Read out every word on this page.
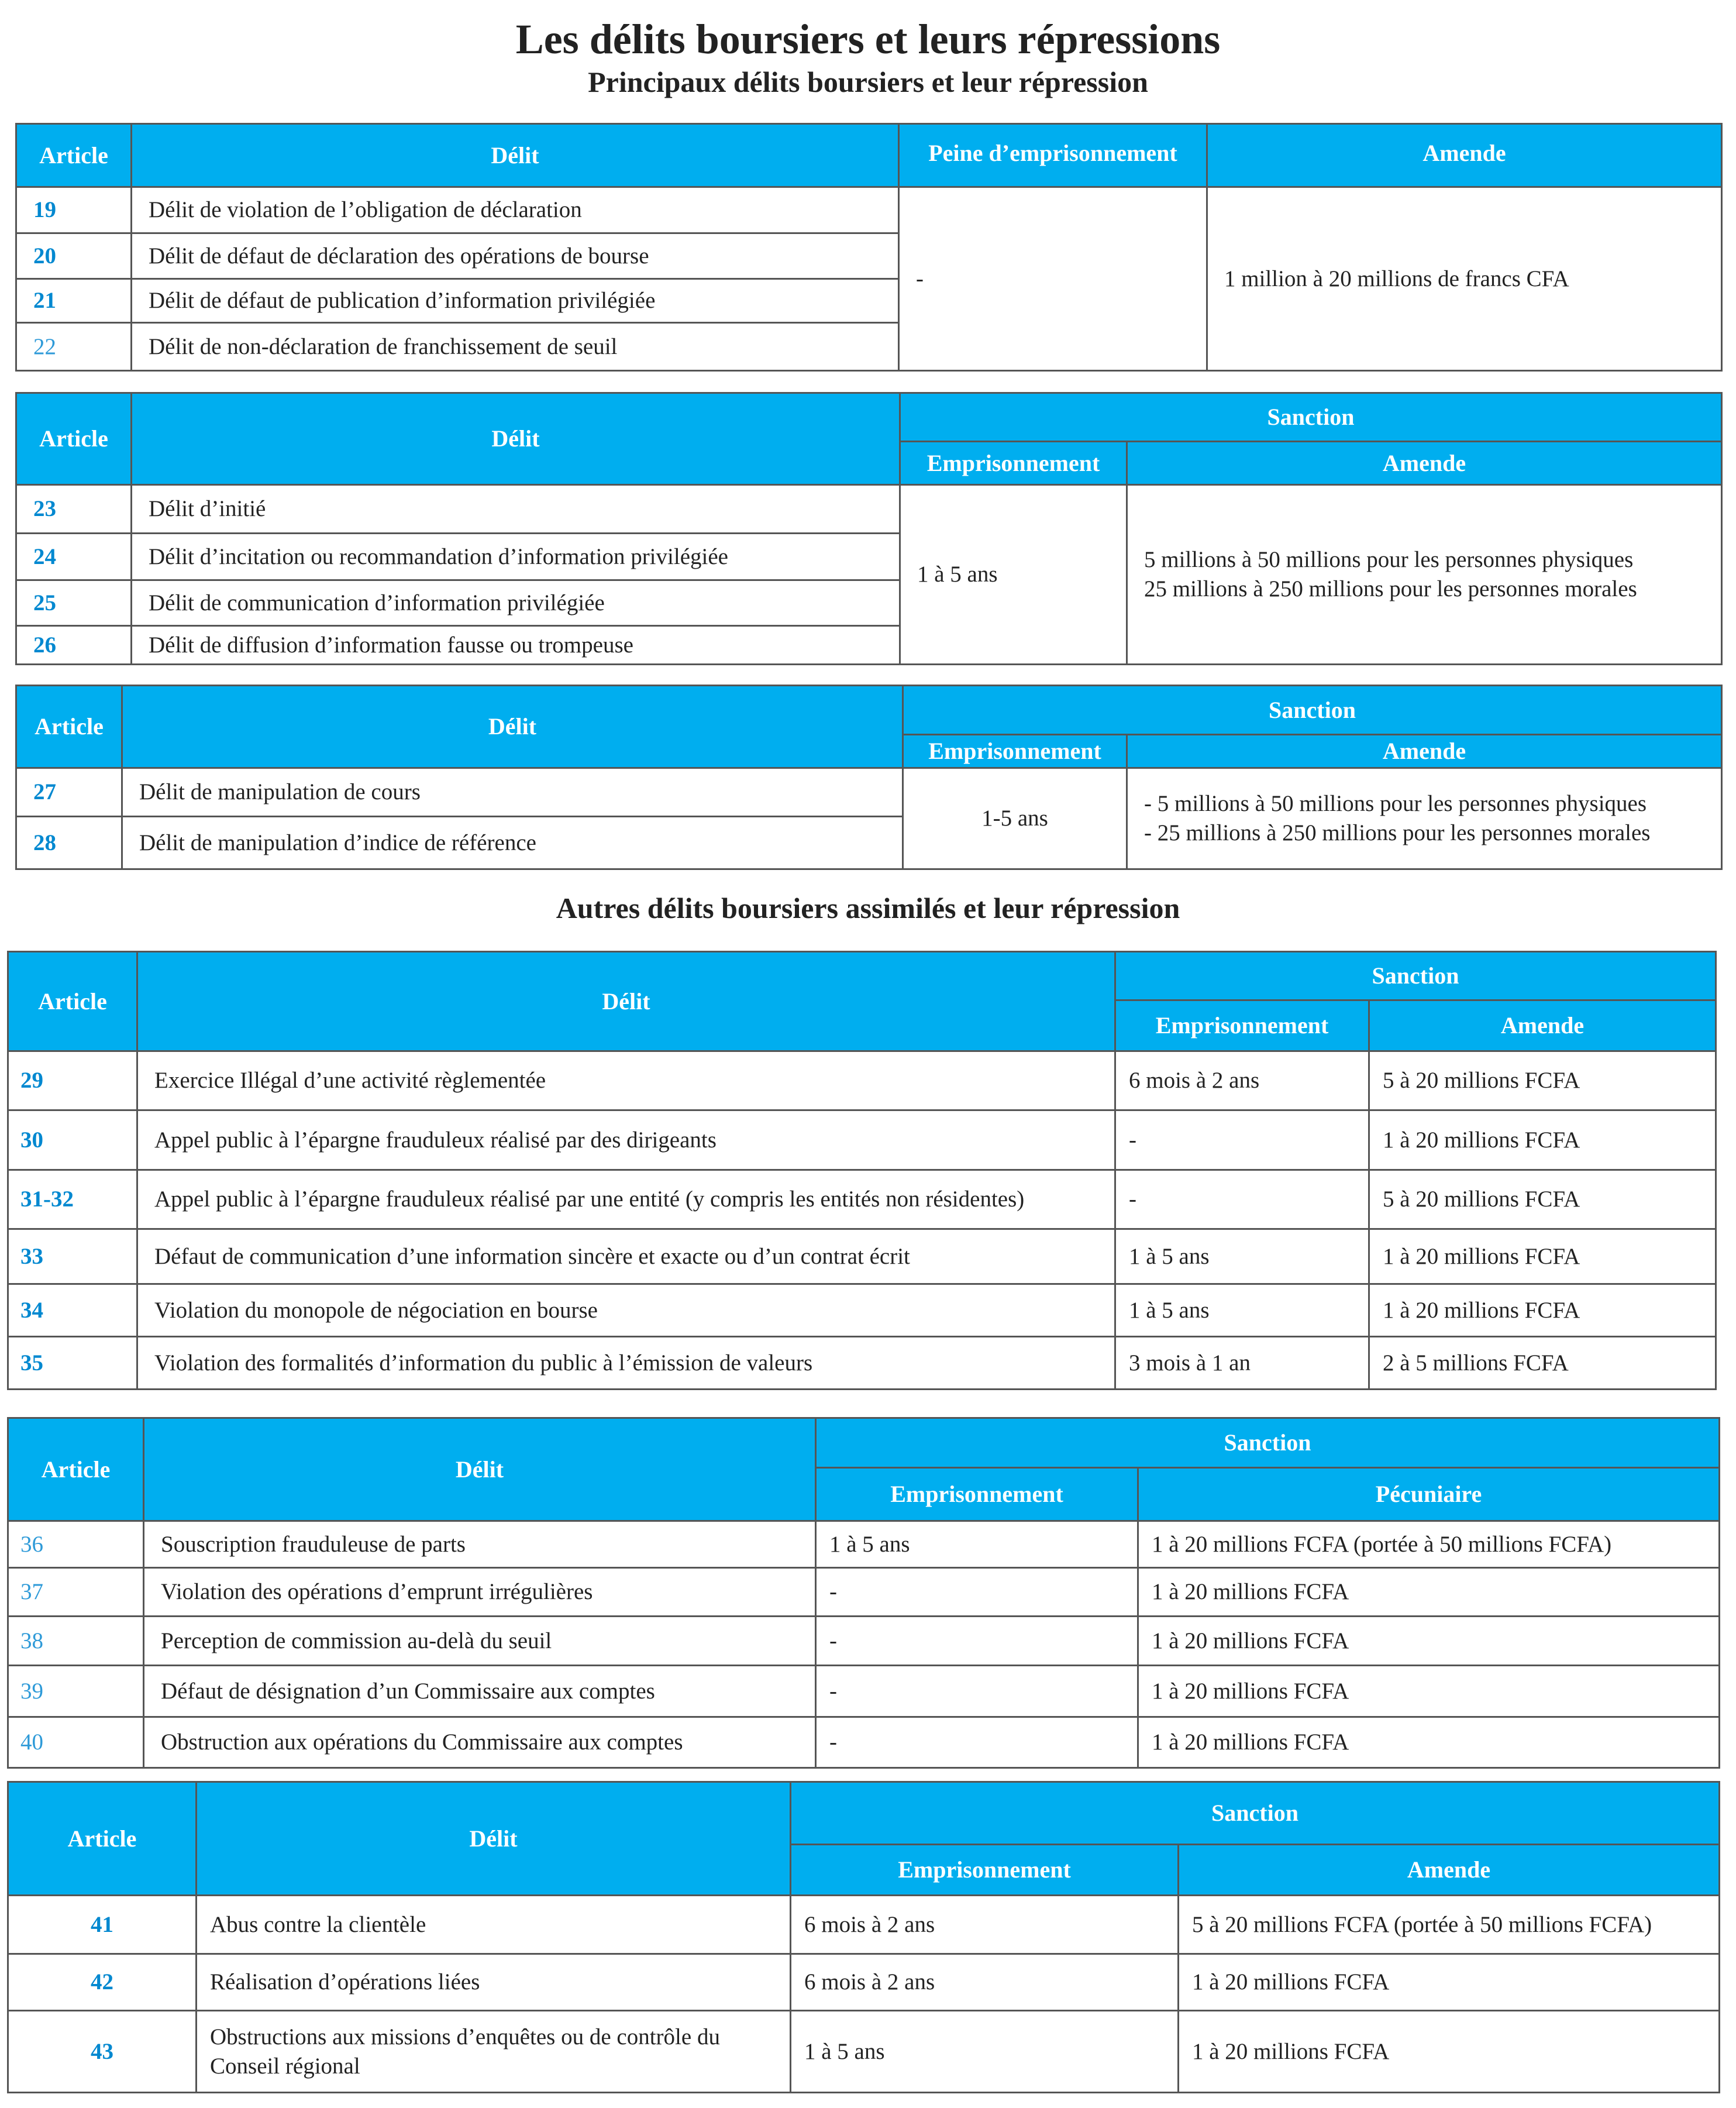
Les délits boursiers et leurs répressions
Principaux délits boursiers et leur répression
Article	Délit	Peine d’emprisonnement	Amende
19	Délit de violation de l’obligation de déclaration	-	1 million à 20 millions de francs CFA
20	Délit de défaut de déclaration des opérations de bourse		
21	Délit de défaut de publication d’information privilégiée		
22	Délit de non-déclaration de franchissement de seuil		
Article	Délit	Sanction	
		Emprisonnement	Amende
23	Délit d’initié	1 à 5 ans	5 millions à 50 millions pour les personnes physiques
25 millions à 250 millions pour les personnes morales

24	Délit d’incitation ou recommandation d’information privilégiée		
25	Délit de communication d’information privilégiée		
26	Délit de diffusion d’information fausse ou trompeuse		
Article	Délit	Sanction	
		Emprisonnement	Amende
27	Délit de manipulation de cours	1-5 ans	- 5 millions à 50 millions pour les personnes physiques
- 25 millions à 250 millions pour les personnes morales

28	Délit de manipulation d’indice de référence		
Autres délits boursiers assimilés et leur répression
Article	Délit	Sanction	
		Emprisonnement	Amende
29	Exercice Illégal d’une activité règlementée	6 mois à 2 ans	5 à 20 millions FCFA
30	Appel public à l’épargne frauduleux réalisé par des dirigeants	-	1 à 20 millions FCFA
31-32	Appel public à l’épargne frauduleux réalisé par une entité (y compris les entités non résidentes)	-	5 à 20 millions FCFA
33	Défaut de communication d’une information sincère et exacte ou d’un contrat écrit	1 à 5 ans	1 à 20 millions FCFA
34	Violation du monopole de négociation en bourse	1 à 5 ans	1 à 20 millions FCFA
35	Violation des formalités d’information du public à l’émission de valeurs	3 mois à 1 an	2 à 5 millions FCFA
Article	Délit	Sanction	
		Emprisonnement	Pécuniaire
36	Souscription frauduleuse de parts	1 à 5 ans	1 à 20 millions FCFA (portée à 50 millions FCFA)
37	Violation des opérations d’emprunt irrégulières	-	1 à 20 millions FCFA
38	Perception de commission au-delà du seuil	-	1 à 20 millions FCFA
39	Défaut de désignation d’un Commissaire aux comptes	-	1 à 20 millions FCFA
40	Obstruction aux opérations du Commissaire aux comptes	-	1 à 20 millions FCFA
Article	Délit	Sanction	
		Emprisonnement	Amende
41	Abus contre la clientèle	6 mois à 2 ans	5 à 20 millions FCFA (portée à 50 millions FCFA)
42	Réalisation d’opérations liées	6 mois à 2 ans	1 à 20 millions FCFA
43	Obstructions aux missions d’enquêtes ou de contrôle du
Conseil régional	1 à 5 ans	1 à 20 millions FCFA
